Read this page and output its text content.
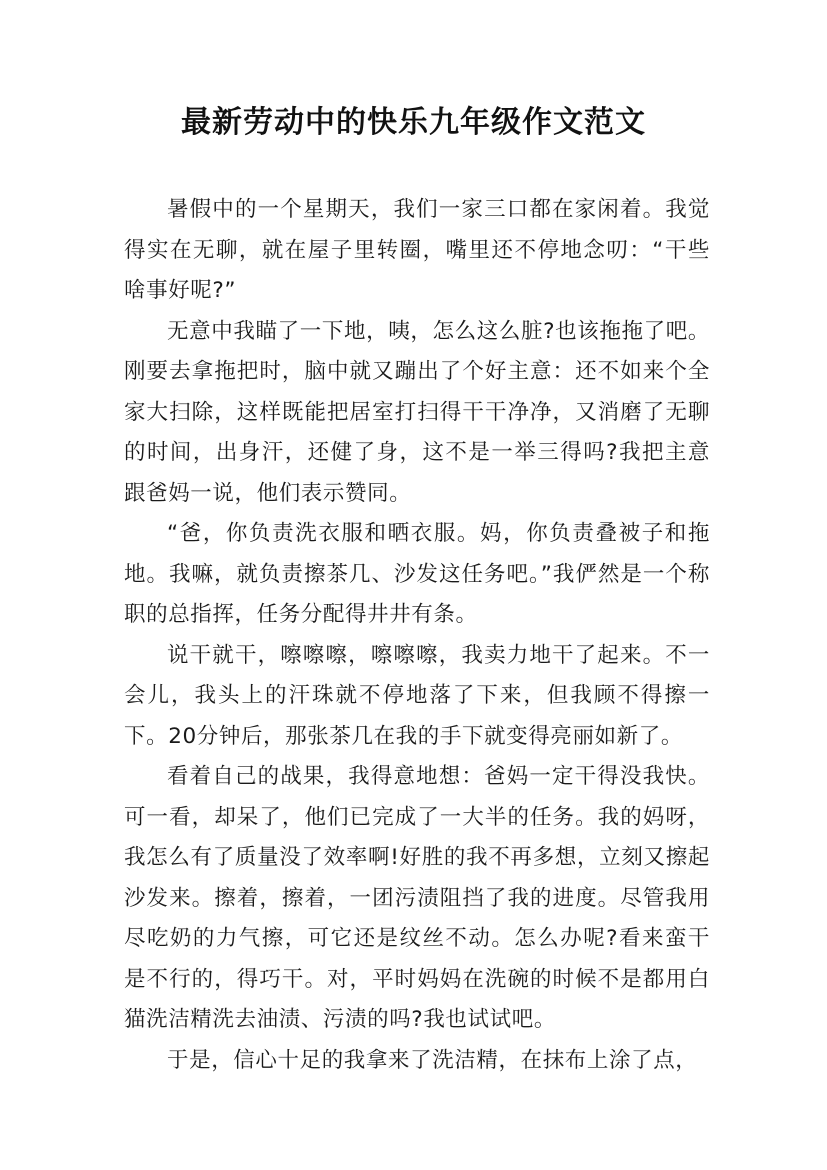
最新劳动中的快乐九年级作文范文

暑假中的一个星期天，我们一家三口都在家闲着。我觉得实在无聊，就在屋子里转圈，嘴里还不停地念叨：“干些啥事好呢?”

无意中我瞄了一下地，咦，怎么这么脏?也该拖拖了吧。刚要去拿拖把时，脑中就又蹦出了个好主意：还不如来个全家大扫除，这样既能把居室打扫得干干净净，又消磨了无聊的时间，出身汗，还健了身，这不是一举三得吗?我把主意跟爸妈一说，他们表示赞同。

“爸，你负责洗衣服和晒衣服。妈，你负责叠被子和拖地。我嘛，就负责擦茶几、沙发这任务吧。”我俨然是一个称职的总指挥，任务分配得井井有条。

说干就干，嚓嚓嚓，嚓嚓嚓，我卖力地干了起来。不一会儿，我头上的汗珠就不停地落了下来，但我顾不得擦一下。20分钟后，那张茶几在我的手下就变得亮丽如新了。

看着自己的战果，我得意地想：爸妈一定干得没我快。可一看，却呆了，他们已完成了一大半的任务。我的妈呀，我怎么有了质量没了效率啊!好胜的我不再多想，立刻又擦起沙发来。擦着，擦着，一团污渍阻挡了我的进度。尽管我用尽吃奶的力气擦，可它还是纹丝不动。怎么办呢?看来蛮干是不行的，得巧干。对，平时妈妈在洗碗的时候不是都用白猫洗洁精洗去油渍、污渍的吗?我也试试吧。

于是，信心十足的我拿来了洗洁精，在抹布上涂了点，
